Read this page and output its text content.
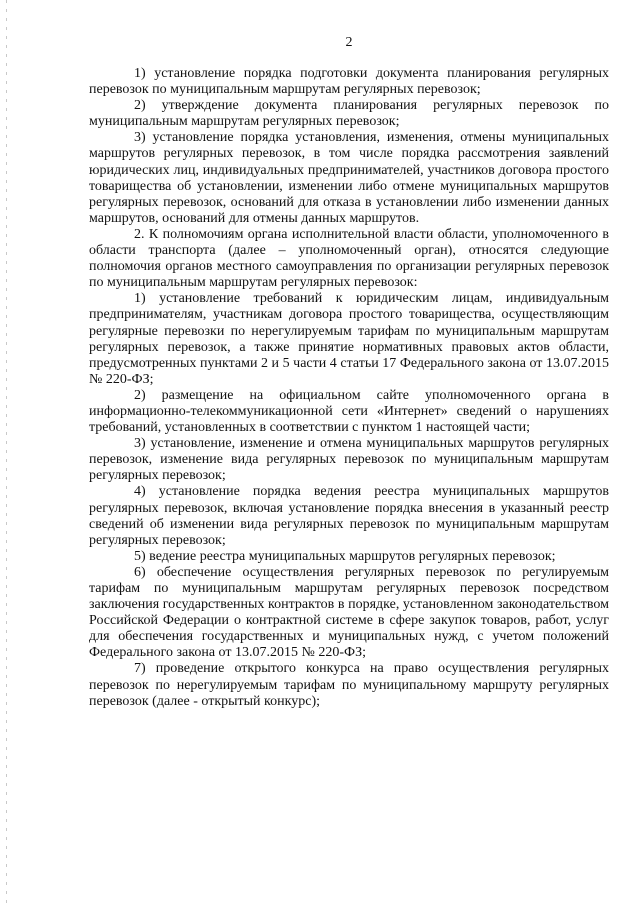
2

1) установление порядка подготовки документа планирования регулярных перевозок по муниципальным маршрутам регулярных перевозок;

2) утверждение документа планирования регулярных перевозок по муниципальным маршрутам регулярных перевозок;

3) установление порядка установления, изменения, отмены муниципальных маршрутов регулярных перевозок, в том числе порядка рассмотрения заявлений юридических лиц, индивидуальных предпринимателей, участников договора простого товарищества об установлении, изменении либо отмене муниципальных маршрутов регулярных перевозок, оснований для отказа в установлении либо изменении данных маршрутов, оснований для отмены данных маршрутов.

2. К полномочиям органа исполнительной власти области, уполномоченного в области транспорта (далее – уполномоченный орган), относятся следующие полномочия органов местного самоуправления по организации регулярных перевозок по муниципальным маршрутам регулярных перевозок:

1) установление требований к юридическим лицам, индивидуальным предпринимателям, участникам договора простого товарищества, осуществляющим регулярные перевозки по нерегулируемым тарифам по муниципальным маршрутам регулярных перевозок, а также принятие нормативных правовых актов области, предусмотренных пунктами 2 и 5 части 4 статьи 17 Федерального закона от 13.07.2015 № 220-ФЗ;

2) размещение на официальном сайте уполномоченного органа в информационно-телекоммуникационной сети «Интернет» сведений о нарушениях требований, установленных в соответствии с пунктом 1 настоящей части;

3) установление, изменение и отмена муниципальных маршрутов регулярных перевозок, изменение вида регулярных перевозок по муниципальным маршрутам регулярных перевозок;

4) установление порядка ведения реестра муниципальных маршрутов регулярных перевозок, включая установление порядка внесения в указанный реестр сведений об изменении вида регулярных перевозок по муниципальным маршрутам регулярных перевозок;

5) ведение реестра муниципальных маршрутов регулярных перевозок;

6) обеспечение осуществления регулярных перевозок по регулируемым тарифам по муниципальным маршрутам регулярных перевозок посредством заключения государственных контрактов в порядке, установленном законодательством Российской Федерации о контрактной системе в сфере закупок товаров, работ, услуг для обеспечения государственных и муниципальных нужд, с учетом положений Федерального закона от 13.07.2015 № 220-ФЗ;

7) проведение открытого конкурса на право осуществления регулярных перевозок по нерегулируемым тарифам по муниципальному маршруту регулярных перевозок (далее - открытый конкурс);
